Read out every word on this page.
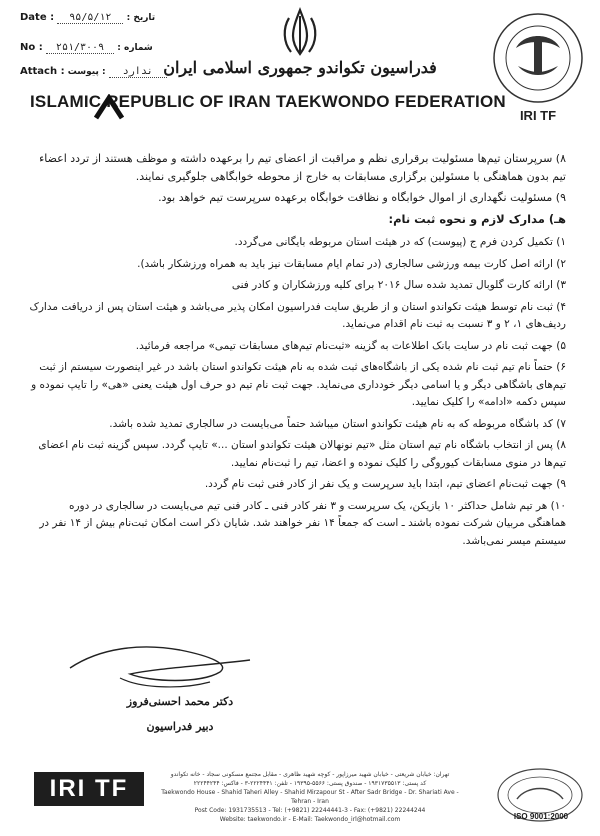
Date : ۹۵/۵/۱۲ : تاریخ
No : ۲۵۱/۳۰۰۹ : شماره
Attach :	ندارد : پیوست	فدراسیون تکواندو جمهوری اسلامی ایران
ISLAMIC REPUBLIC OF IRAN TAEKWONDO FEDERATION
IRI TF

۸) سرپرستان تیم‌ها مسئولیت برقراری نظم و مراقبت از اعضای تیم را برعهده داشته و موظف هستند از تردد اعضاء تیم بدون هماهنگی با مسئولین برگزاری مسابقات به خارج از محوطه خوابگاهی جلوگیری نمایند.

۹) مسئولیت نگهداری از اموال خوابگاه و نظافت خوابگاه برعهده سرپرست تیم خواهد بود.

هـ) مدارک لازم و نحوه ثبت نام:

۱) تکمیل کردن فرم ج (پیوست) که در هیئت استان مربوطه بایگانی می‌گردد.

۲) ارائه اصل کارت بیمه ورزشی سالجاری (در تمام ایام مسابقات نیز باید به همراه ورزشکار باشد).

۳) ارائه کارت گلوبال تمدید شده سال ۲۰۱۶ برای کلیه ورزشکاران و کادر فنی

۴) ثبت نام توسط هیئت تکواندو استان و از طریق سایت فدراسیون امکان پذیر می‌باشد و هیئت استان پس از دریافت مدارک ردیف‌های ۱، ۲ و ۳ نسبت به ثبت نام اقدام می‌نماید.

۵) جهت ثبت نام در سایت بانک اطلاعات به گزینه «ثبت‌نام تیم‌های مسابقات تیمی» مراجعه فرمائید.

۶) حتماً نام تیم ثبت نام شده یکی از باشگاه‌های ثبت شده به نام هیئت تکواندو استان باشد در غیر اینصورت سیستم از ثبت تیم‌های باشگاهی دیگر و یا اسامی دیگر خودداری می‌نماید. جهت ثبت نام تیم دو حرف اول هیئت یعنی «هی» را تایپ نموده و سپس دکمه «ادامه» را کلیک نمایید.

۷) کد باشگاه مربوطه که به نام هیئت تکواندو استان میباشد حتماً می‌بایست در سالجاری تمدید شده باشد.

۸) پس از انتخاب باشگاه نام تیم استان مثل «تیم نونهالان هیئت تکواندو استان ...» تایپ گردد. سپس گزینه ثبت نام اعضای تیم‌ها در منوی مسابقات کیوروگی را کلیک نموده و اعضا، تیم را ثبت‌نام نمایید.

۹) جهت ثبت‌نام اعضای تیم، ابتدا باید سرپرست و یک نفر از کادر فنی ثبت نام گردد.

۱۰) هر تیم شامل حداکثر ۱۰ بازیکن، یک سرپرست و ۳ نفر کادر فنی ـ کادر فنی تیم می‌بایست در سالجاری در دوره هماهنگی مربیان شرکت نموده باشند ـ است که جمعاً ۱۴ نفر خواهند شد. شایان ذکر است امکان ثبت‌نام بیش از ۱۴ نفر در سیستم میسر نمی‌باشد.

دکتر محمد احسنی‌فروز
دبیر فدراسیون
IRI TF
تهران: خیابان شریعتی - خیابان شهید میرزاپور - کوچه شهید ظاهری - مقابل مجتمع مسکونی سجاد - خانه تکواندو
کد پستی: ۱۹۳۱۷۳۵۵۱۳ - صندوق پستی: ۵۵۶۶-۱۹۳۹۵ - تلفن: ۲۲۲۴۴۴۱-۳ - فاکس: ۲۲۲۴۴۲۴۴
Taekwondo House - Shahid Taheri Alley - Shahid Mirzapour St - After Sadr Bridge - Dr. Shariati Ave - Tehran - Iran
Post Code: 1931735513 - Tel: (+9821) 22244441-3 - Fax: (+9821) 22244244
Website: taekwondo.ir - E-Mail: Taekwondo_irl@hotmail.com	ISO 9001:2000
